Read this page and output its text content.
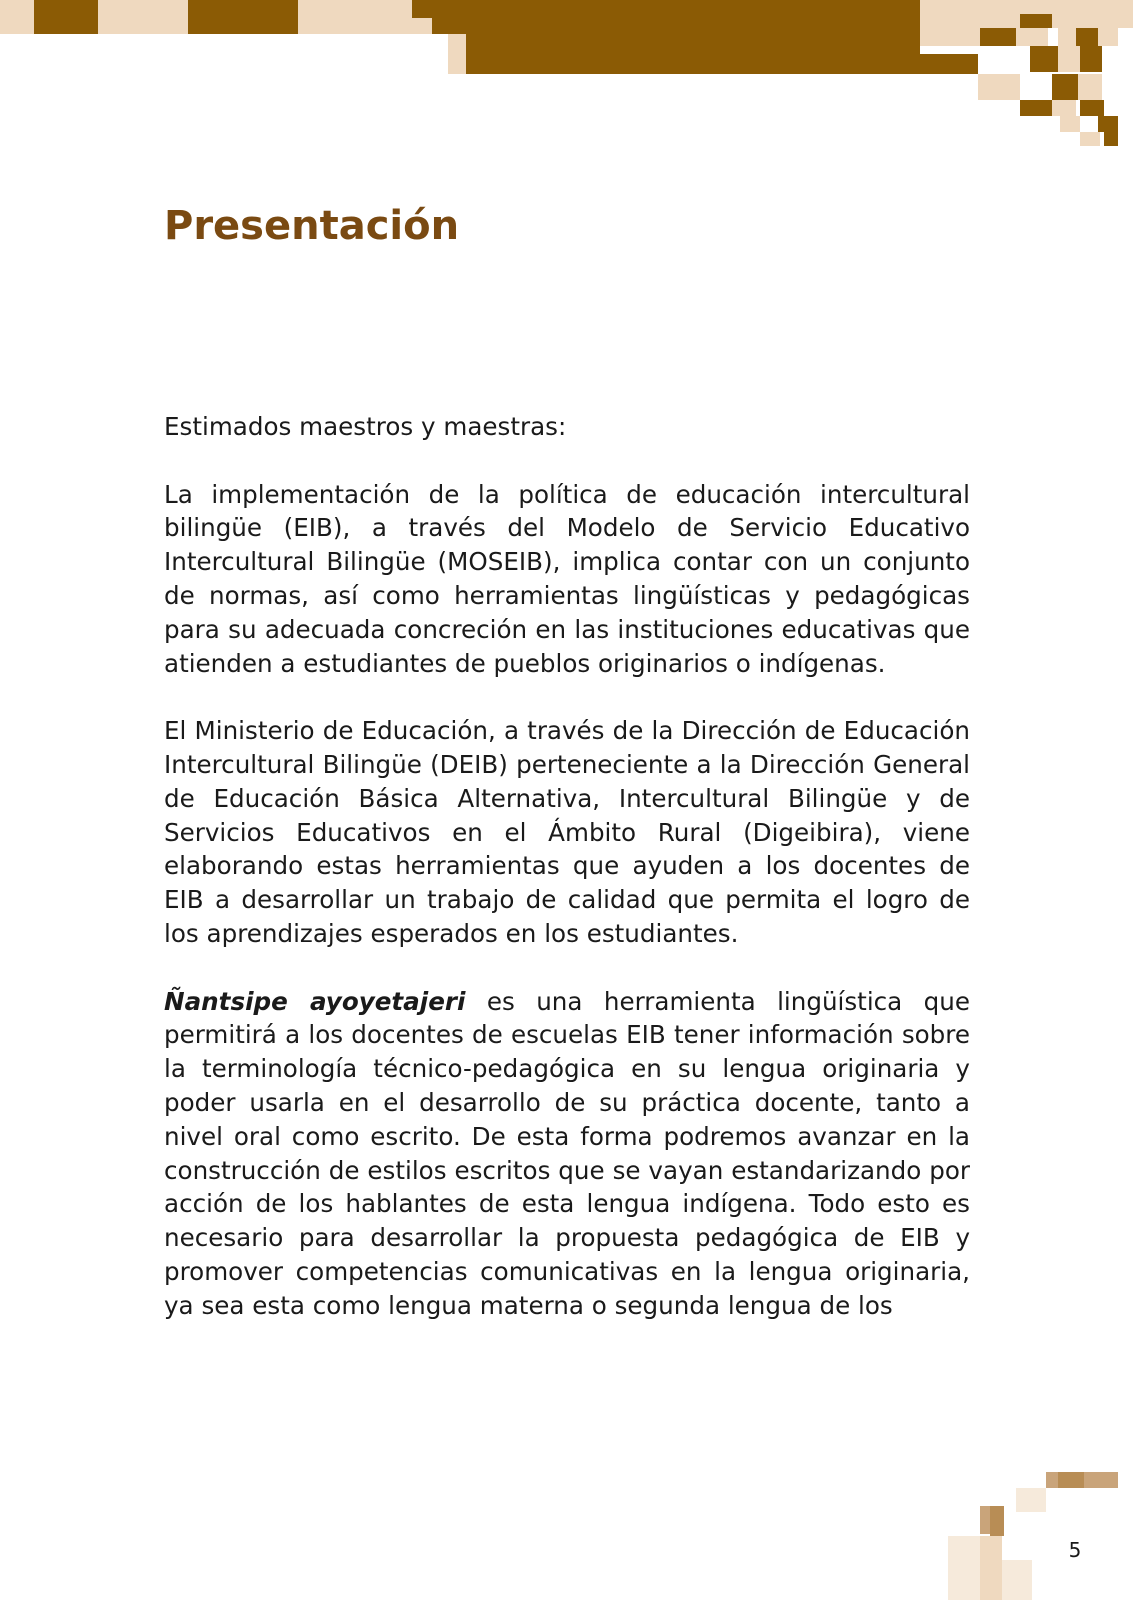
Presentación

Estimados maestros y maestras:

La implementación de la política de educación intercultural bilingüe (EIB), a través del Modelo de Servicio Educativo Intercultural Bilingüe (MOSEIB), implica contar con un conjunto de normas, así como herramientas lingüísticas y pedagógicas para su adecuada concreción en las instituciones educativas que atienden a estudiantes de pueblos originarios o indígenas.

El Ministerio de Educación, a través de la Dirección de Educación Intercultural Bilingüe (DEIB) perteneciente a la Dirección General de Educación Básica Alternativa, Intercultural Bilingüe y de Servicios Educativos en el Ámbito Rural (Digeibira), viene elaborando estas herramientas que ayuden a los docentes de EIB a desarrollar un trabajo de calidad que permita el logro de los aprendizajes esperados en los estudiantes.

Ñantsipe ayoyetajeri es una herramienta lingüística que permitirá a los docentes de escuelas EIB tener información sobre la terminología técnico-pedagógica en su lengua originaria y poder usarla en el desarrollo de su práctica docente, tanto a nivel oral como escrito. De esta forma podremos avanzar en la construcción de estilos escritos que se vayan estandarizando por acción de los hablantes de esta lengua indígena. Todo esto es necesario para desarrollar la propuesta pedagógica de EIB y promover competencias comunicativas en la lengua originaria, ya sea esta como lengua materna o segunda lengua de los

5
